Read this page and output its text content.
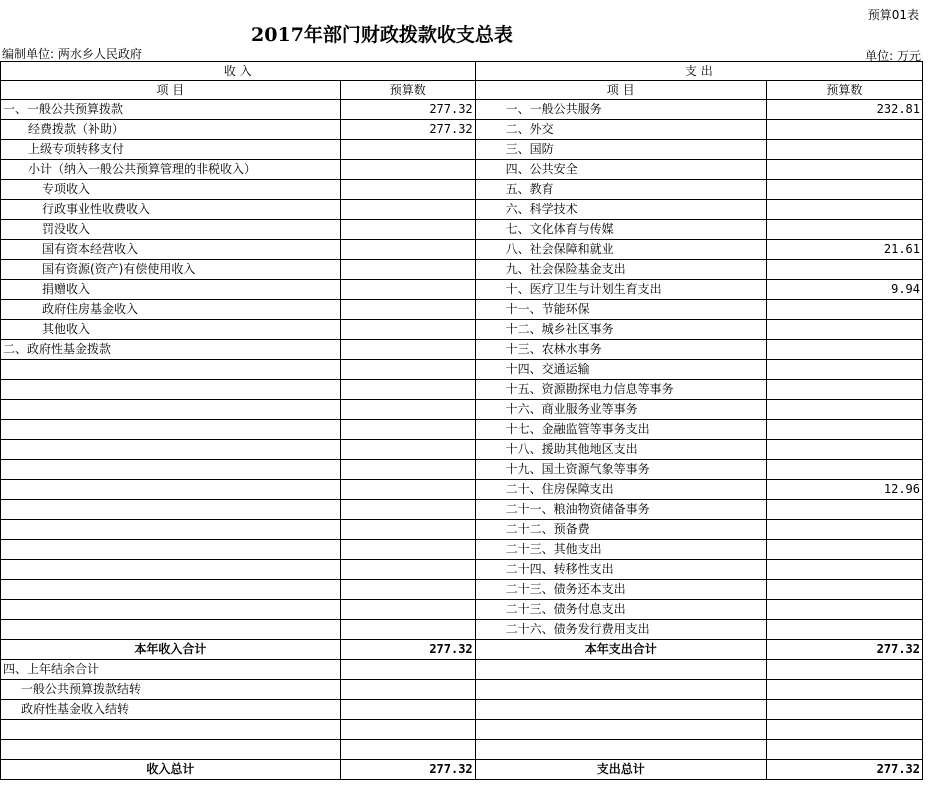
预算01表
2017年部门财政拨款收支总表
编制单位: 两水乡人民政府	单位: 万元
收 入		支 出	
项 目	预算数	项 目	预算数
一、一般公共预算拨款	277.32	一、一般公共服务	232.81
经费拨款（补助）	277.32	二、外交	
上级专项转移支付		三、国防	
小计（纳入一般公共预算管理的非税收入）		四、公共安全	
专项收入		五、教育	
行政事业性收费收入		六、科学技术	
罚没收入		七、文化体育与传媒	
国有资本经营收入		八、社会保障和就业	21.61
国有资源(资产)有偿使用收入		九、社会保险基金支出	
捐赠收入		十、医疗卫生与计划生育支出	9.94
政府住房基金收入		十一、节能环保	
其他收入		十二、城乡社区事务	
二、政府性基金拨款		十三、农林水事务	
		十四、交通运输	
		十五、资源勘探电力信息等事务	
		十六、商业服务业等事务	
		十七、金融监管等事务支出	
		十八、援助其他地区支出	
		十九、国土资源气象等事务	
		二十、住房保障支出	12.96
		二十一、粮油物资储备事务	
		二十二、预备费	
		二十三、其他支出	
		二十四、转移性支出	
		二十三、债务还本支出	
		二十三、债务付息支出	
		二十六、债务发行费用支出	
本年收入合计	277.32	本年支出合计	277.32
四、上年结余合计			
一般公共预算拨款结转			
政府性基金收入结转			

收入总计	277.32	支出总计	277.32
